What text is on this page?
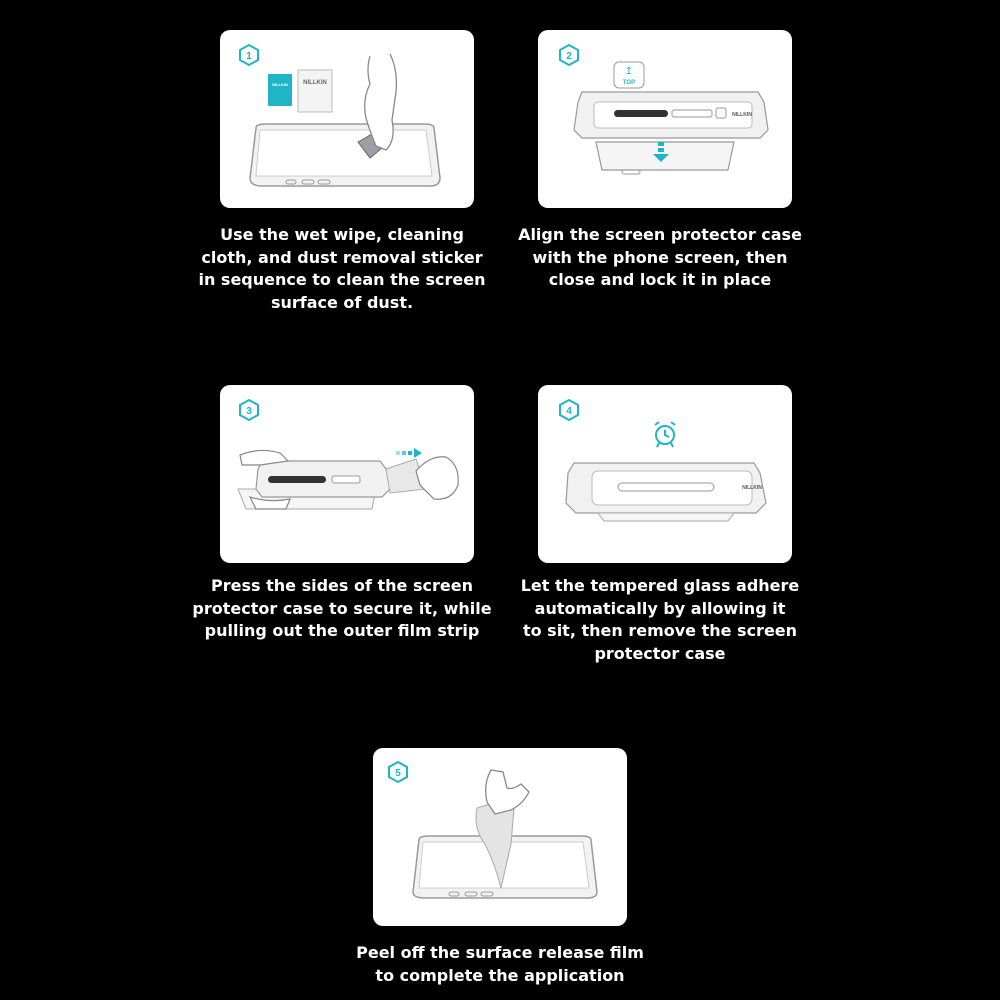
1
NILLKIN	NILLKIN
Use the wet wipe, cleaning
cloth, and dust removal sticker
in sequence to clean the screen
surface of dust.
2
↥
TOP
NILLKIN
Align the screen protector case
with the phone screen, then
close and lock it in place
3
Press the sides of the screen
protector case to secure it, while
pulling out the outer film strip
4
NILLKIN
Let the tempered glass adhere
automatically by allowing it
to sit, then remove the screen
protector case
5
Peel off the surface release film
to complete the application
